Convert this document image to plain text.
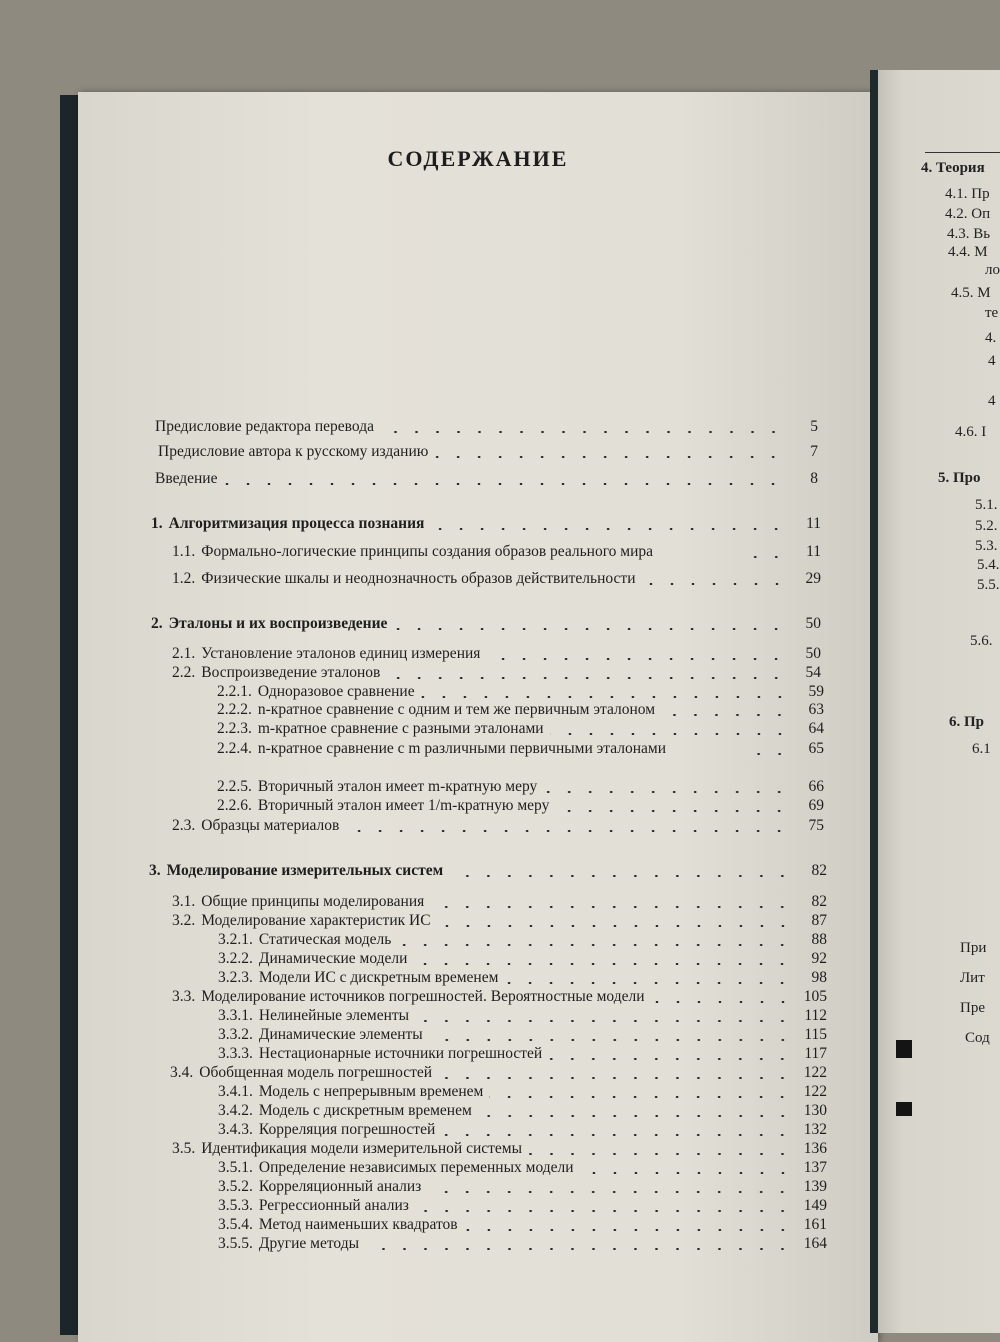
СОДЕРЖАНИЕ
Предисловие редактора перевода	5
Предисловие автора к русскому изданию	7
Введение	8
1. Алгоритмизация процесса познания	11
1.1. Формально-логические принципы создания образов реального мира	11
1.2. Физические шкалы и неоднозначность образов действительности	29
2. Эталоны и их воспроизведение	50
2.1. Установление эталонов единиц измерения	50
2.2. Воспроизведение эталонов	54
2.2.1. Одноразовое сравнение	59
2.2.2. n-кратное сравнение с одним и тем же первичным эталоном	63
2.2.3. m-кратное сравнение с разными эталонами	64
2.2.4. n-кратное сравнение с m различными первичными эталонами	65
2.2.5. Вторичный эталон имеет m-кратную меру	66
2.2.6. Вторичный эталон имеет 1/m-кратную меру	69
2.3. Образцы материалов	75
3. Моделирование измерительных систем	82
3.1. Общие принципы моделирования	82
3.2. Моделирование характеристик ИС	87
3.2.1. Статическая модель	88
3.2.2. Динамические модели	92
3.2.3. Модели ИС с дискретным временем	98
3.3. Моделирование источников погрешностей. Вероятностные модели	105
3.3.1. Нелинейные элементы	112
3.3.2. Динамические элементы	115
3.3.3. Нестационарные источники погрешностей	117
3.4. Обобщенная модель погрешностей	122
3.4.1. Модель с непрерывным временем	122
3.4.2. Модель с дискретным временем	130
3.4.3. Корреляция погрешностей	132
3.5. Идентификация модели измерительной системы	136
3.5.1. Определение независимых переменных модели	137
3.5.2. Корреляционный анализ	139
3.5.3. Регрессионный анализ	149
3.5.4. Метод наименьших квадратов	161
3.5.5. Другие методы	164
4. Теория
4.1. Пр
4.2. Оп
4.3. Вь
4.4. М
ло
4.5. М
те
4.
4
4
4.6. I
5. Про
5.1.
5.2.
5.3.
5.4.
5.5.
5.6.
6. Пр
6.1
При
Лит
Пре
Сод
